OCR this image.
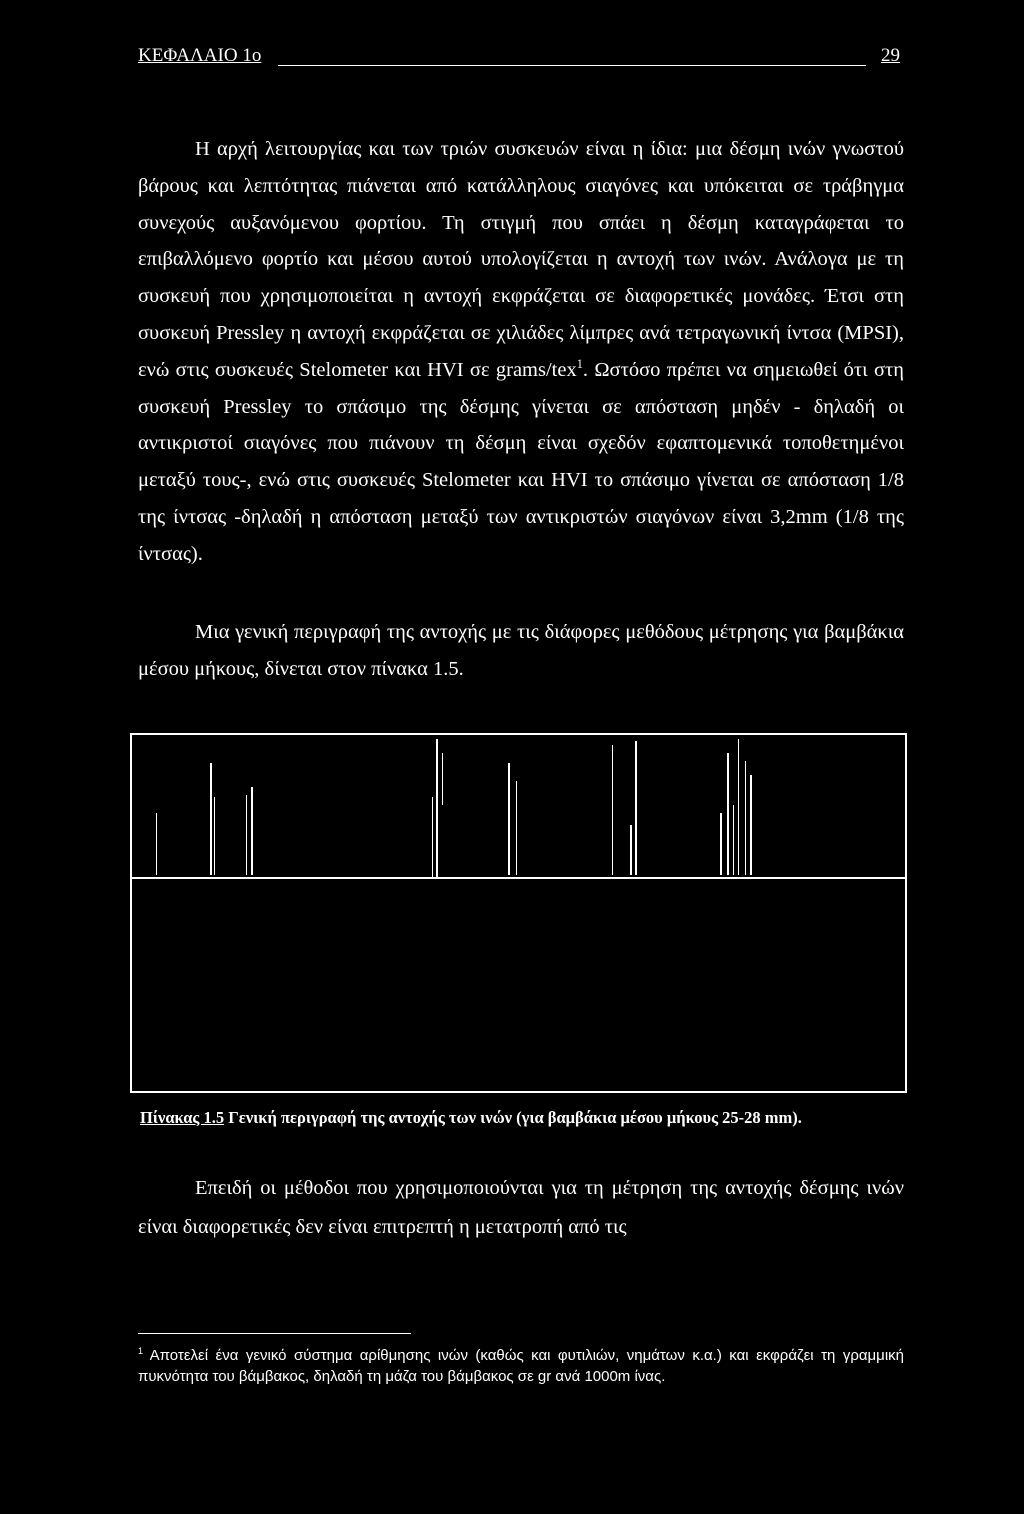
ΚΕΦΑΛΑΙΟ 1ο	29

Η αρχή λειτουργίας και των τριών συσκευών είναι η ίδια: μια δέσμη ινών γνωστού βάρους και λεπτότητας πιάνεται από κατάλληλους σιαγόνες και υπόκειται σε τράβηγμα συνεχούς αυξανόμενου φορτίου. Τη στιγμή που σπάει η δέσμη καταγράφεται το επιβαλλόμενο φορτίο και μέσου αυτού υπολογίζεται η αντοχή των ινών. Ανάλογα με τη συσκευή που χρησιμοποιείται η αντοχή εκφράζεται σε διαφορετικές μονάδες. Έτσι στη συσκευή Pressley η αντοχή εκφράζεται σε χιλιάδες λίμπρες ανά τετραγωνική ίντσα (MPSI), ενώ στις συσκευές Stelometer και HVI σε grams/tex$^1$. Ωστόσο πρέπει να σημειωθεί ότι στη συσκευή Pressley το σπάσιμο της δέσμης γίνεται σε απόσταση μηδέν - δηλαδή οι αντικριστοί σιαγόνες που πιάνουν τη δέσμη είναι σχεδόν εφαπτομενικά τοποθετημένοι μεταξύ τους-, ενώ στις συσκευές Stelometer και HVI το σπάσιμο γίνεται σε απόσταση 1/8 της ίντσας -δηλαδή η απόσταση μεταξύ των αντικριστών σιαγόνων είναι 3,2mm (1/8 της ίντσας).

Μια γενική περιγραφή της αντοχής με τις διάφορες μεθόδους μέτρησης για βαμβάκια μέσου μήκους, δίνεται στον πίνακα 1.5.

Πίνακας 1.5 Γενική περιγραφή της αντοχής των ινών (για βαμβάκια μέσου μήκους 25-28 mm).

Επειδή οι μέθοδοι που χρησιμοποιούνται για τη μέτρηση της αντοχής δέσμης ινών είναι διαφορετικές δεν είναι επιτρεπτή η μετατροπή από τις

$^1$ Αποτελεί ένα γενικό σύστημα αρίθμησης ινών (καθώς και φυτιλιών, νημάτων κ.α.) και εκφράζει τη γραμμική πυκνότητα του βάμβακος, δηλαδή τη μάζα του βάμβακος σε gr ανά 1000m ίνας.
